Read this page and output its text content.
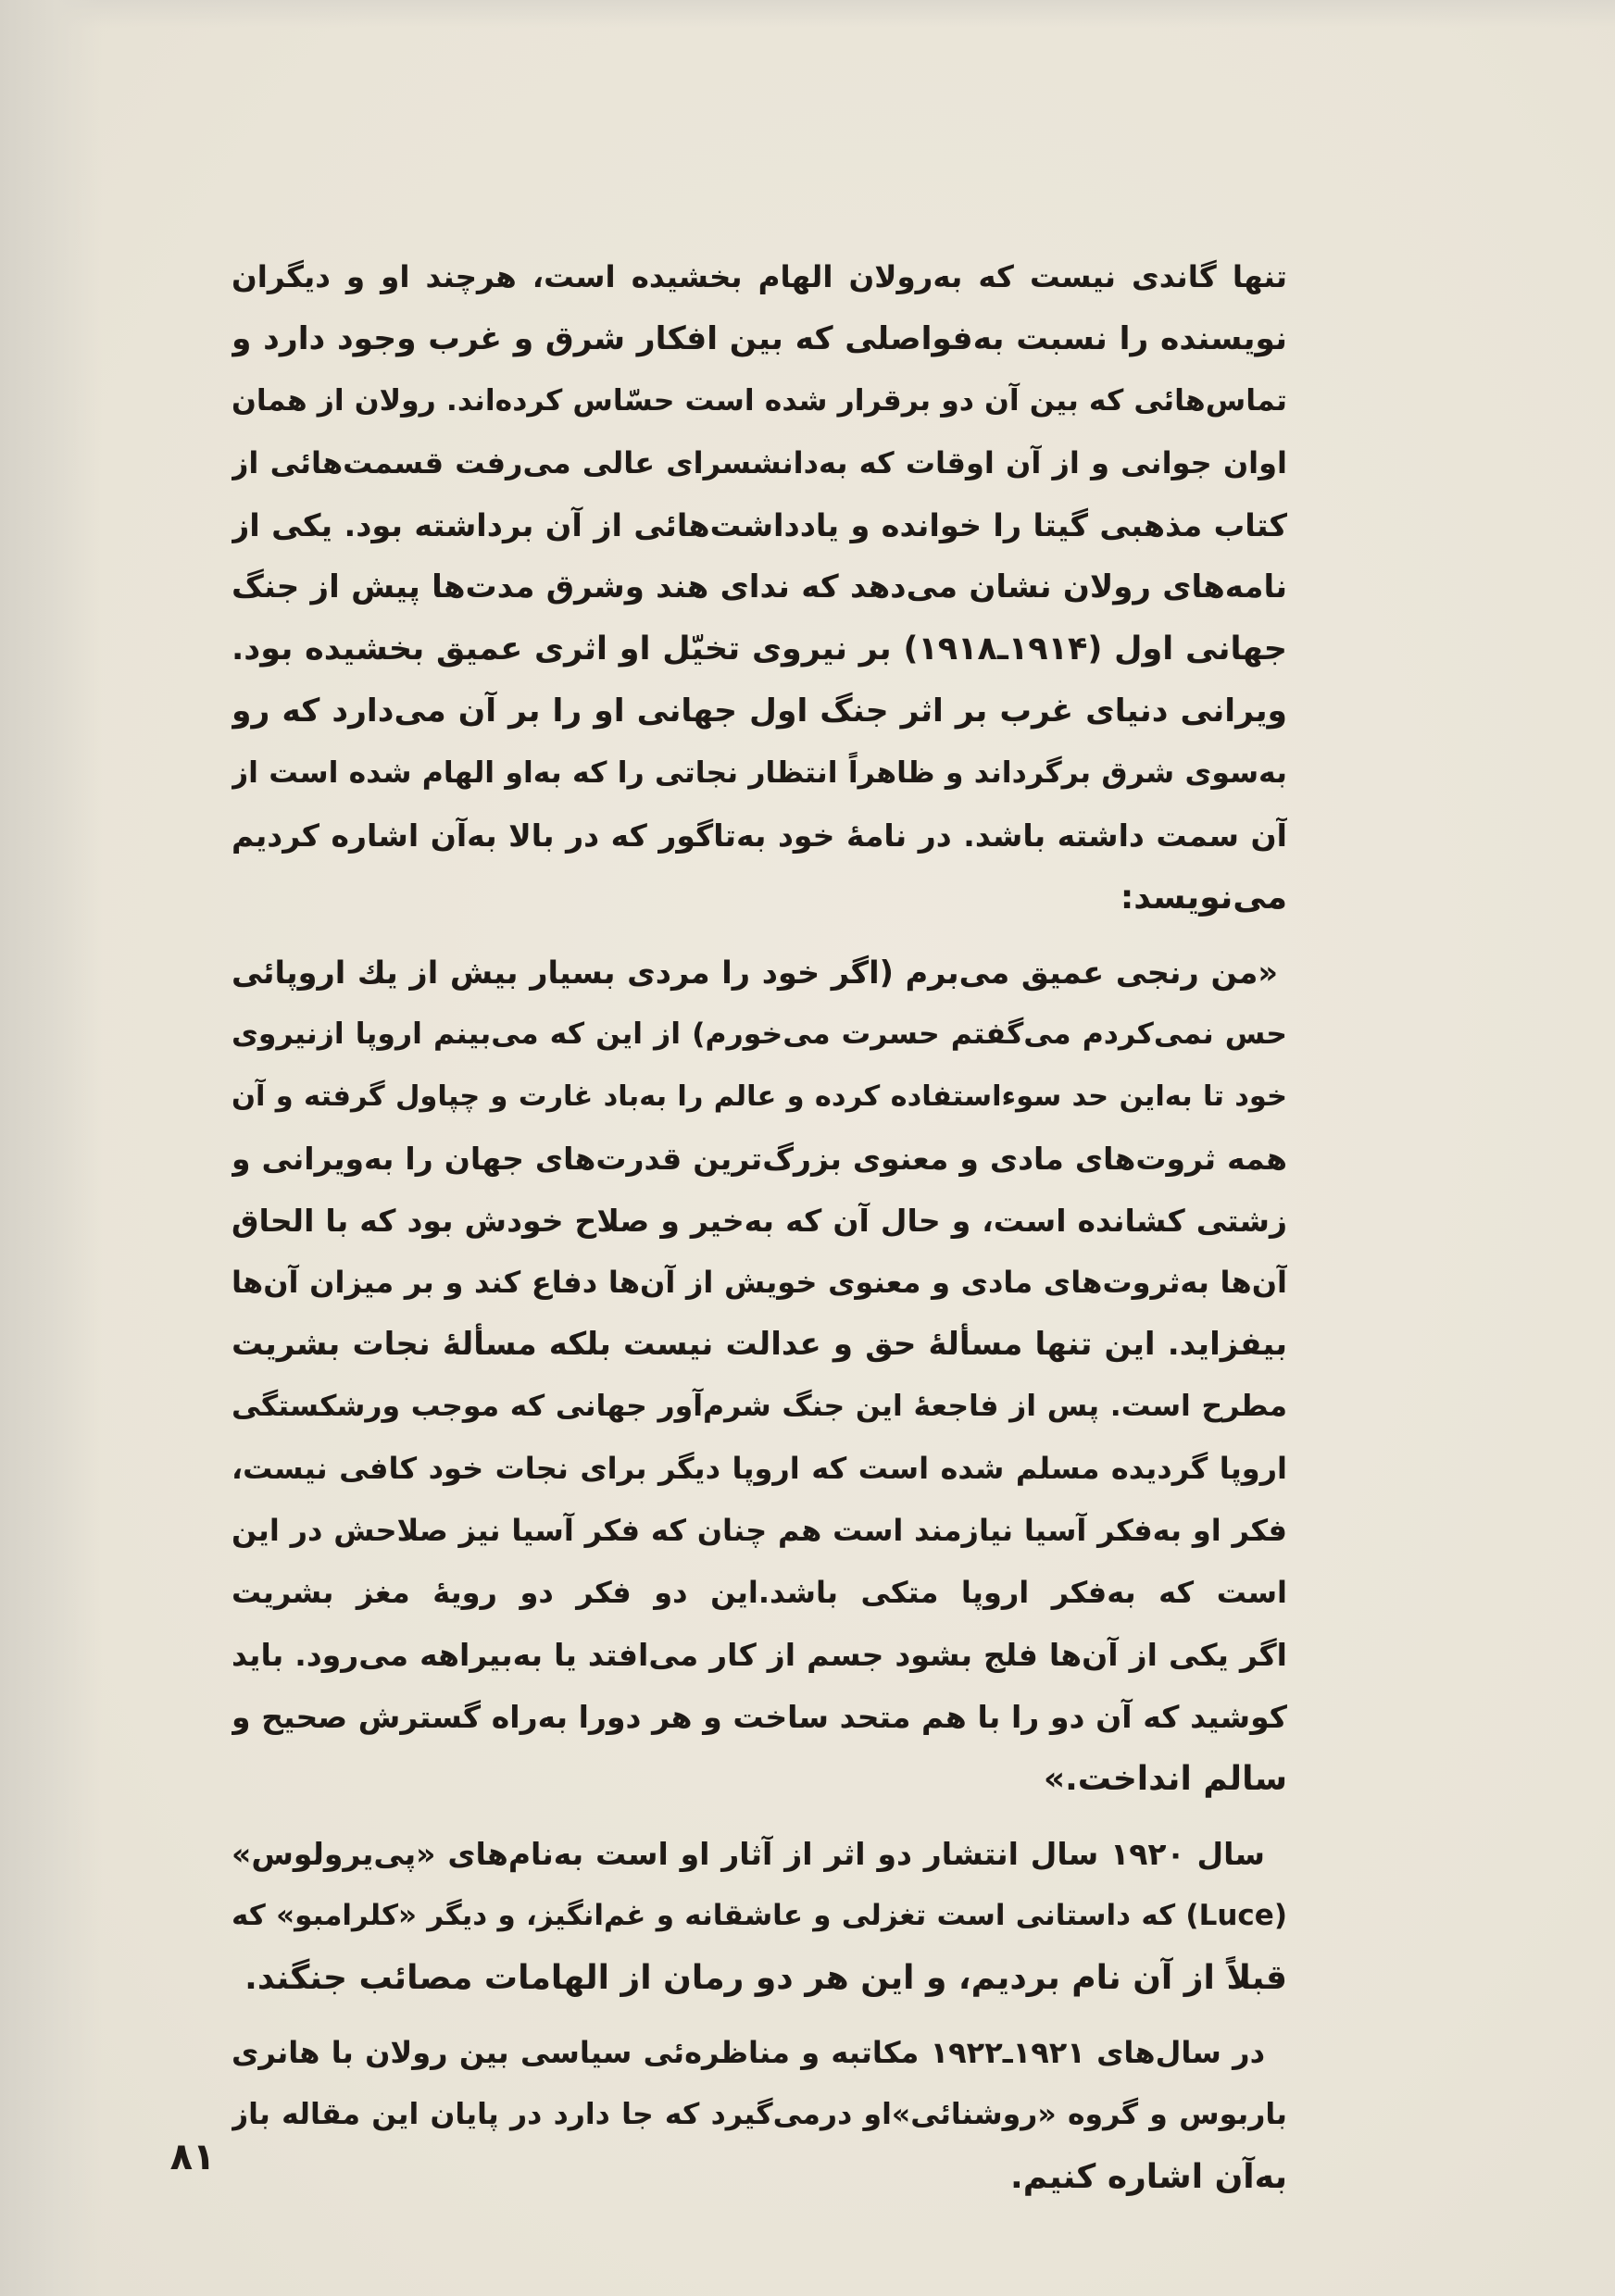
تنها گاندی نیست که به‌رولان الهام بخشیده است، هرچند او و دیگران
نویسنده را نسبت به‌فواصلی که بین افکار شرق و غرب وجود دارد و
تماس‌هائی که بین آن دو برقرار شده است حسّاس کرده‌اند. رولان از همان
اوان جوانی و از آن اوقات که به‌دانشسرای عالی می‌رفت قسمت‌هائی از
کتاب مذهبی گیتا را خوانده و یادداشت‌هائی از آن برداشته بود. یکی از
نامه‌های رولان نشان می‌دهد که ندای هند وشرق مدت‌ها پیش از جنگ
جهانی اول (۱۹۱۴ـ۱۹۱۸) بر نیروی تخیّل او اثری عمیق بخشیده بود.
ویرانی دنیای غرب بر اثر جنگ اول جهانی او را بر آن می‌دارد که رو
به‌سوی شرق برگرداند و ظاهراً انتظار نجاتی را که به‌او الهام شده است از
آن سمت داشته باشد. در نامهٔ خود به‌تاگور که در بالا به‌آن اشاره کردیم
می‌نویسد:
«من رنجی عمیق می‌برم (اگر خود را مردی بسیار بیش از یك اروپائی
حس نمی‌کردم می‌گفتم حسرت می‌خورم) از این که می‌بینم اروپا ازنیروی
خود تا به‌این حد سوءاستفاده کرده و عالم را به‌باد غارت و چپاول گرفته و آن
همه ثروت‌های مادی و معنوی بزرگ‌ترین قدرت‌های جهان را به‌ویرانی و
زشتی کشانده است، و حال آن که به‌خیر و صلاح خودش بود که با الحاق
آن‌ها به‌ثروت‌های مادی و معنوی خویش از آن‌ها دفاع کند و بر میزان آن‌ها
بیفزاید. این تنها مسألهٔ حق و عدالت نیست بلکه مسألهٔ نجات بشریت
مطرح است. پس از فاجعهٔ این جنگ شرم‌آور جهانی که موجب ورشکستگی
اروپا گردیده مسلم شده است که اروپا دیگر برای نجات خود کافی نیست،
فکر او به‌فکر آسیا نیازمند است هم چنان که فکر آسیا نیز صلاحش در این
است که به‌فکر اروپا متکی باشد.این دو فکر دو رویهٔ مغز بشریت
اگر یکی از آن‌ها فلج بشود جسم از کار می‌افتد یا به‌بیراهه می‌رود. باید
کوشید که آن دو را با هم متحد ساخت و هر دورا به‌راه گسترش صحیح و
سالم انداخت.»
سال ۱۹۲۰ سال انتشار دو اثر از آثار او است به‌نام‌های «پی‌یرولوس»
(Luce) که داستانی است تغزلی و عاشقانه و غم‌انگیز، و دیگر «کلرامبو» که
قبلاً از آن نام بردیم، و این هر دو رمان از الهامات مصائب جنگند.
در سال‌های ۱۹۲۱ـ۱۹۲۲ مکاتبه و مناظره‌ئی سیاسی بین رولان با هانری
باربوس و گروه «روشنائی»او درمی‌گیرد که جا دارد در پایان این مقاله باز
به‌آن اشاره کنیم.
۸۱
